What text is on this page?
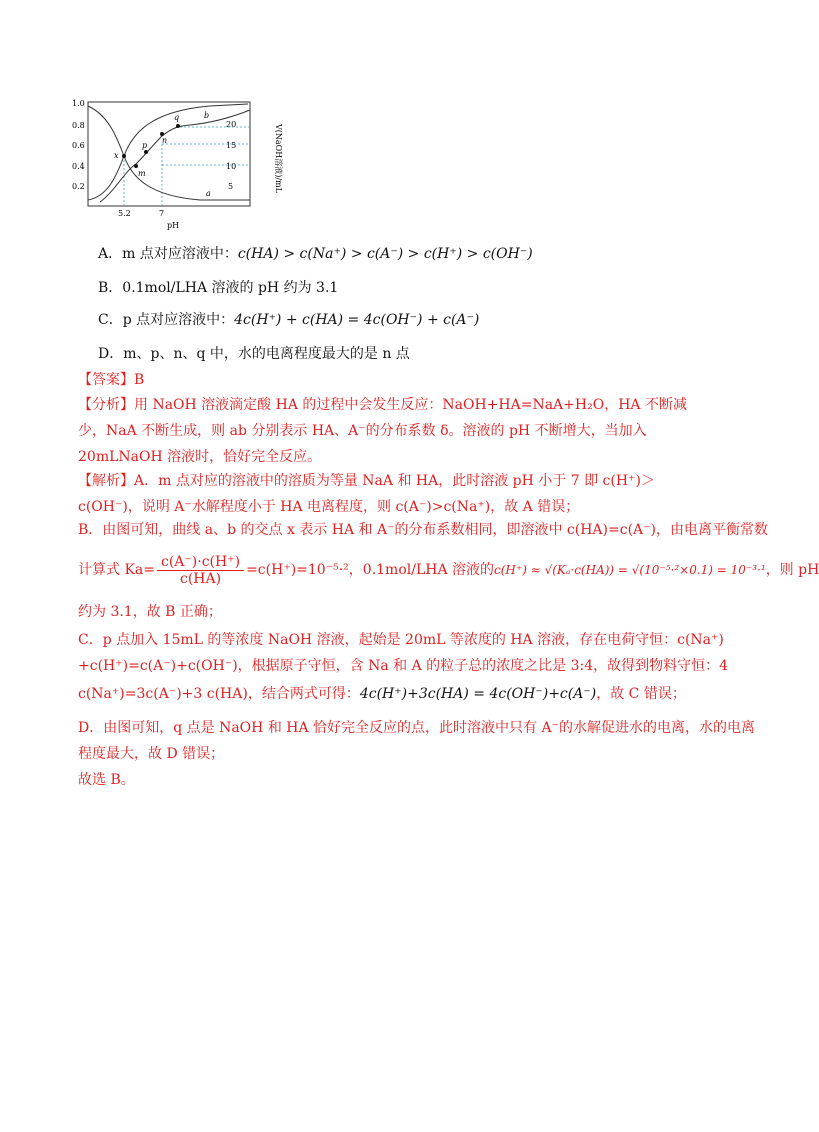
1.0
0.8
0.6
0.4
0.2
20
15
10
5	V(NaOH溶液)/mL
5.2	7
pH
x
m
p
n
q
a
b
A．m 点对应溶液中：c(HA) > c(Na⁺) > c(A⁻) > c(H⁺) > c(OH⁻)
B．0.1mol/LHA 溶液的 pH 约为 3.1
C．p 点对应溶液中：4c(H⁺) + c(HA) = 4c(OH⁻) + c(A⁻)
D．m、p、n、q 中，水的电离程度最大的是 n 点
【答案】B
【分析】用 NaOH 溶液滴定酸 HA 的过程中会发生反应：NaOH+HA=NaA+H₂O，HA 不断减少，NaA 不断生成，则 ab 分别表示 HA、A⁻的分布系数 δ。溶液的 pH 不断增大，当加入 20mLNaOH 溶液时，恰好完全反应。
【解析】A．m 点对应的溶液中的溶质为等量 NaA 和 HA，此时溶液 pH 小于 7 即 c(H⁺)＞c(OH⁻)，说明 A⁻水解程度小于 HA 电离程度，则 c(A⁻)>c(Na⁺)，故 A 错误；
B．由图可知，曲线 a、b 的交点 x 表示 HA 和 A⁻的分布系数相同，即溶液中 c(HA)=c(A⁻)，由电离平衡常数
计算式 $Ka= \frac{c(A^-)\cdot c(H^+)}{c(HA)} =c(H^+)=10^{-5}\cdot^2$，0.1mol/LHA 溶液的c(H⁺) ≈ √(Kₐ·c(HA)) = √(10⁻⁵·²×0.1) = 10⁻³·¹，则 pH
约为 3.1，故 B 正确；
C．p 点加入 15mL 的等浓度 NaOH 溶液，起始是 20mL 等浓度的 HA 溶液，存在电荷守恒：c(Na⁺)
+c(H⁺)=c(A⁻)+c(OH⁻)，根据原子守恒，含 Na 和 A 的粒子总的浓度之比是 3:4，故得到物料守恒：4
c(Na⁺)=3c(A⁻)+3 c(HA)，结合两式可得：4c(H⁺)+3c(HA) = 4c(OH⁻)+c(A⁻)，故 C 错误；
D．由图可知，q 点是 NaOH 和 HA 恰好完全反应的点，此时溶液中只有 A⁻的水解促进水的电离，水的电离
程度最大，故 D 错误；
故选 B。
